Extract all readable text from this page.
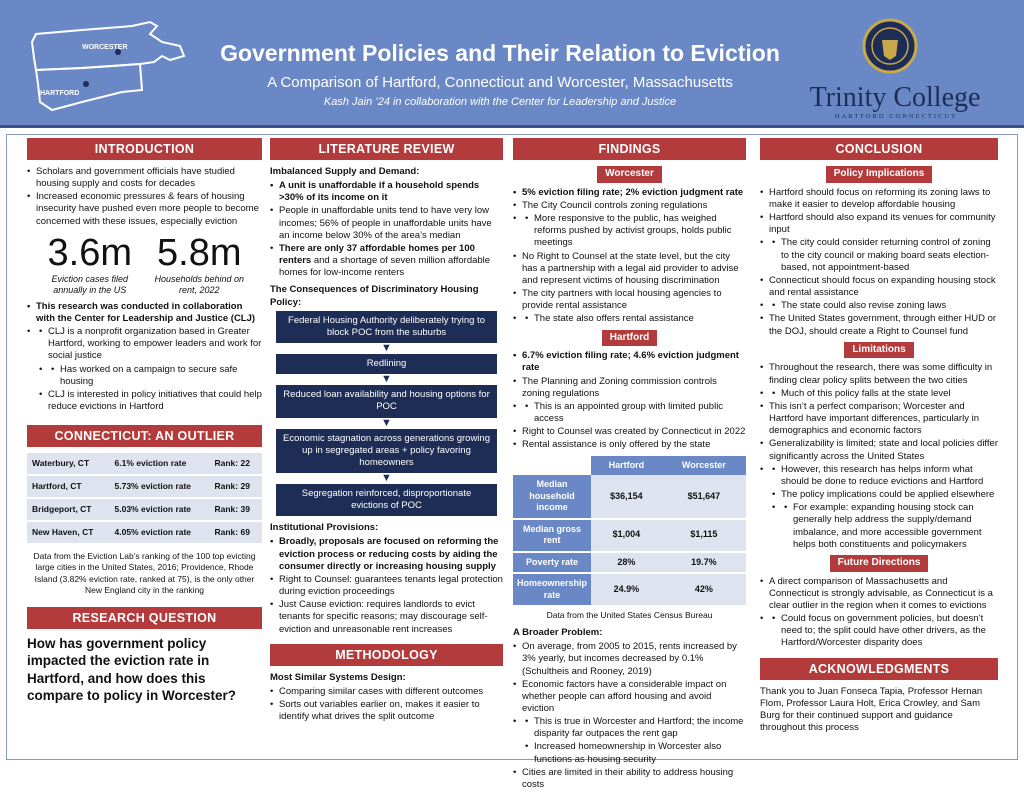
WORCESTER
HARTFORD
Government Policies and Their Relation to Eviction
A Comparison of Hartford, Connecticut and Worcester, Massachusetts
Kash Jain ’24 in collaboration with the Center for Leadership and Justice	Trinity College
HARTFORD CONNECTICUT
INTRODUCTION
• Scholars and government officials have studied housing supply and costs for decades
• Increased economic pressures & fears of housing insecurity have pushed even more people to become concerned with these issues, especially eviction
3.6m
Eviction cases filed annually in the US
5.8m
Households behind on rent, 2022
• This research was conducted in collaboration with the Center for Leadership and Justice (CLJ)
• • CLJ is a nonprofit organization based in Greater Hartford, working to empower leaders and work for social justice
• • Has worked on a campaign to secure safe housing
• CLJ is interested in policy initiatives that could help reduce evictions in Hartford
CONNECTICUT: AN OUTLIER
Waterbury, CT	6.1% eviction rate	Rank: 22
Hartford, CT	5.73% eviction rate	Rank: 29
Bridgeport, CT	5.03% eviction rate	Rank: 39
New Haven, CT	4.05% eviction rate	Rank: 69
Data from the Eviction Lab’s ranking of the 100 top evicting large cities in the United States, 2016; Providence, Rhode Island (3.82% eviction rate, ranked at 75), is the only other New England city in the ranking
RESEARCH QUESTION
How has government policy impacted the eviction rate in Hartford, and how does this compare to policy in Worcester?
LITERATURE REVIEW
Imbalanced Supply and Demand:
• A unit is unaffordable if a household spends >30% of its income on it
• People in unaffordable units tend to have very low incomes; 56% of people in unaffordable units have an income below 30% of the area’s median
• There are only 37 affordable homes per 100 renters and a shortage of seven million affordable homes for low-income renters
The Consequences of Discriminatory Housing Policy:
Federal Housing Authority deliberately trying to block POC from the suburbs
▼
Redlining
▼
Reduced loan availability and housing options for POC
▼
Economic stagnation across generations growing up in segregated areas + policy favoring homeowners
▼
Segregation reinforced, disproportionate evictions of POC
Institutional Provisions:
• Broadly, proposals are focused on reforming the eviction process or reducing costs by aiding the consumer directly or increasing housing supply
• Right to Counsel: guarantees tenants legal protection during eviction proceedings
• Just Cause eviction: requires landlords to evict tenants for specific reasons; may discourage self-eviction and unreasonable rent increases
METHODOLOGY
Most Similar Systems Design:
• Comparing similar cases with different outcomes
• Sorts out variables earlier on, makes it easier to identify what drives the split outcome
FINDINGS
Worcester
• 5% eviction filing rate; 2% eviction judgment rate
• The City Council controls zoning regulations
• • More responsive to the public, has weighed reforms pushed by activist groups, holds public meetings
• No Right to Counsel at the state level, but the city has a partnership with a legal aid provider to advise and represent victims of housing discrimination
• The city partners with local housing agencies to provide rental assistance
• • The state also offers rental assistance
Hartford
• 6.7% eviction filing rate; 4.6% eviction judgment rate
• The Planning and Zoning commission controls zoning regulations
• • This is an appointed group with limited public access
• Right to Counsel was created by Connecticut in 2022
• Rental assistance is only offered by the state
	Hartford	Worcester
Median household income	$36,154	$51,647
Median gross rent	$1,004	$1,115
Poverty rate	28%	19.7%
Homeownership rate	24.9%	42%
Data from the United States Census Bureau
A Broader Problem:
• On average, from 2005 to 2015, rents increased by 3% yearly, but incomes decreased by 0.1% (Schultheis and Rooney, 2019)
• Economic factors have a considerable impact on whether people can afford housing and avoid eviction
• • This is true in Worcester and Hartford; the income disparity far outpaces the rent gap
• Increased homeownership in Worcester also functions as housing security
• Cities are limited in their ability to address housing costs
CONCLUSION
Policy Implications
• Hartford should focus on reforming its zoning laws to make it easier to develop affordable housing
• Hartford should also expand its venues for community input
• • The city could consider returning control of zoning to the city council or making board seats election-based, not appointment-based
• Connecticut should focus on expanding housing stock and rental assistance
• • The state could also revise zoning laws
• The United States government, through either HUD or the DOJ, should create a Right to Counsel fund
Limitations
• Throughout the research, there was some difficulty in finding clear policy splits between the two cities
• • Much of this policy falls at the state level
• This isn’t a perfect comparison; Worcester and Hartford have important differences, particularly in demographics and economic factors
• Generalizability is limited; state and local policies differ significantly across the United States
• • However, this research has helps inform what should be done to reduce evictions and Hartford
• The policy implications could be applied elsewhere
• • For example: expanding housing stock can generally help address the supply/demand imbalance, and more accessible government helps both constituents and policymakers
Future Directions
• A direct comparison of Massachusetts and Connecticut is strongly advisable, as Connecticut is a clear outlier in the region when it comes to evictions
• • Could focus on government policies, but doesn’t need to; the split could have other drivers, as the Hartford/Worcester disparity does
ACKNOWLEDGMENTS
Thank you to Juan Fonseca Tapia, Professor Hernan Flom, Professor Laura Holt, Erica Crowley, and Sam Burg for their continued support and guidance throughout this process
